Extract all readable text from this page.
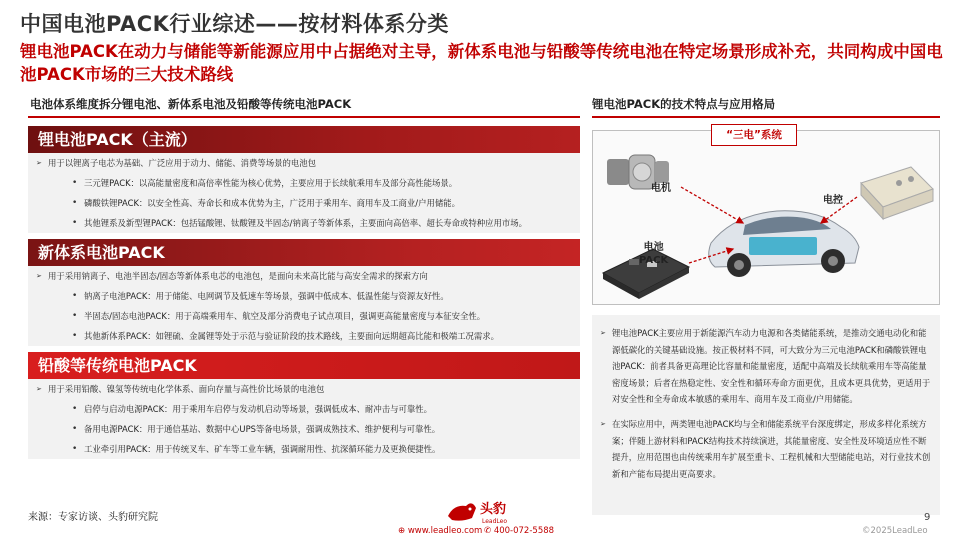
中国电池PACK行业综述——按材料体系分类
锂电池PACK在动力与储能等新能源应用中占据绝对主导，新体系电池与铅酸等传统电池在特定场景形成补充，共同构成中国电池PACK市场的三大技术路线
电池体系维度拆分锂电池、新体系电池及铅酸等传统电池PACK
锂电池PACK（主流）
➢ 用于以锂离子电芯为基础、广泛应用于动力、储能、消费等场景的电池包
• 三元锂PACK：以高能量密度和高倍率性能为核心优势，主要应用于长续航乘用车及部分高性能场景。
• 磷酸铁锂PACK：以安全性高、寿命长和成本优势为主，广泛用于乘用车、商用车及工商业/户用储能。
• 其他锂系及新型锂PACK：包括锰酸锂、钛酸锂及半固态/钠离子等新体系，主要面向高倍率、超长寿命或特种应用市场。
新体系电池PACK
➢ 用于采用钠离子、电池半固态/固态等新体系电芯的电池包，是面向未来高比能与高安全需求的探索方向
• 钠离子电池PACK：用于储能、电网调节及低速车等场景，强调中低成本、低温性能与资源友好性。
• 半固态/固态电池PACK：用于高端乘用车、航空及部分消费电子试点项目，强调更高能量密度与本征安全性。
• 其他新体系PACK：如锂硫、金属锂等处于示范与验证阶段的技术路线，主要面向远期超高比能和极端工况需求。
铅酸等传统电池PACK
➢ 用于采用铅酸、镍氢等传统电化学体系、面向存量与高性价比场景的电池包
• 启停与启动电源PACK：用于乘用车启停与发动机启动等场景，强调低成本、耐冲击与可靠性。
• 备用电源PACK：用于通信基站、数据中心UPS等备电场景，强调成熟技术、维护便利与可靠性。
• 工业牵引用PACK：用于传统叉车、矿车等工业车辆，强调耐用性、抗深循环能力及更换便捷性。
锂电池PACK的技术特点与应用格局
“三电”系统
电机
电控
电池
PACK
➢ 锂电池PACK主要应用于新能源汽车动力电源和各类储能系统，是推动交通电动化和能源低碳化的关键基础设施。按正极材料不同，可大致分为三元电池PACK和磷酸铁锂电池PACK：前者具备更高理论比容量和能量密度，适配中高端及长续航乘用车等高能量密度场景；后者在热稳定性、安全性和循环寿命方面更优，且成本更具优势，更适用于对安全性和全寿命成本敏感的乘用车、商用车及工商业/户用储能。
➢ 在实际应用中，两类锂电池PACK均与全和储能系统平台深度绑定，形成多样化系统方案；伴随上游材料和PACK结构技术持续演进，其能量密度、安全性及环境适应性不断提升，应用范围也由传统乘用车扩展至重卡、工程机械和大型储能电站，对行业技术创新和产能布局提出更高要求。
来源：专家访谈、头豹研究院
头豹
LeadLeo
⊕ www.leadleo.com ✆ 400-072-5588
9
©2025LeadLeo
